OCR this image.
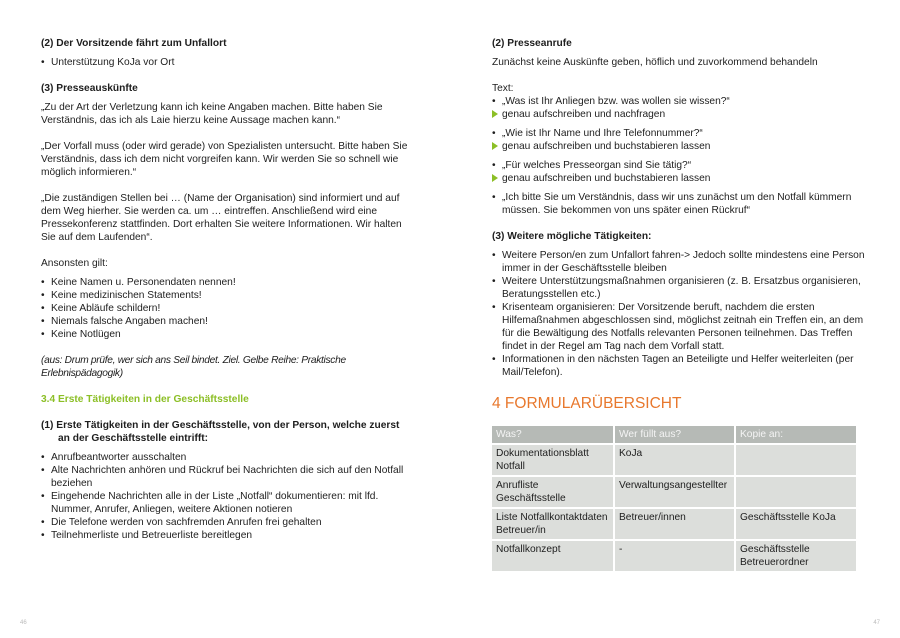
(2) Der Vorsitzende fährt zum Unfallort
• Unterstützung KoJa vor Ort
(3) Presseauskünfte

„Zu der Art der Verletzung kann ich keine Angaben machen. Bitte haben Sie Verständnis, das ich als Laie hierzu keine Aussage machen kann.“

„Der Vorfall muss (oder wird gerade) von Spezialisten untersucht. Bitte haben Sie Verständnis, dass ich dem nicht vorgreifen kann. Wir werden Sie so schnell wie möglich informieren.“

„Die zuständigen Stellen bei … (Name der Organisation) sind informiert und auf dem Weg hierher. Sie werden ca. um … eintreffen. Anschließend wird eine Pressekonferenz stattfinden. Dort erhalten Sie weitere Informationen. Wir halten Sie auf dem Laufenden“.

Ansonsten gilt:
• Keine Namen u. Personendaten nennen!
• Keine medizinischen Statements!
• Keine Abläufe schildern!
• Niemals falsche Angaben machen!
• Keine Notlügen

(aus: Drum prüfe, wer sich ans Seil bindet. Ziel. Gelbe Reihe: Praktische Erlebnispädagogik)

3.4 Erste Tätigkeiten in der Geschäftsstelle
(1) Erste Tätigkeiten in der Geschäftsstelle, von der Person, welche zuerst an der Geschäftsstelle eintrifft:
• Anrufbeantworter ausschalten
• Alte Nachrichten anhören und Rückruf bei Nachrichten die sich auf den Notfall beziehen
• Eingehende Nachrichten alle in der Liste „Notfall“ dokumentieren: mit lfd. Nummer, Anrufer, Anliegen, weitere Aktionen notieren
• Die Telefone werden von sachfremden Anrufen frei gehalten
• Teilnehmerliste und Betreuerliste bereitlegen
46
(2) Presseanrufe

Zunächst keine Auskünfte geben, höflich und zuvorkommend behandeln

Text:
• „Was ist Ihr Anliegen bzw. was wollen sie wissen?“
genau aufschreiben und nachfragen
• „Wie ist Ihr Name und Ihre Telefonnummer?“
genau aufschreiben und buchstabieren lassen
• „Für welches Presseorgan sind Sie tätig?“
genau aufschreiben und buchstabieren lassen
• „Ich bitte Sie um Verständnis, dass wir uns zunächst um den Notfall kümmern müssen. Sie bekommen von uns später einen Rückruf“
(3) Weitere mögliche Tätigkeiten:
• Weitere Person/en zum Unfallort fahren-> Jedoch sollte mindestens eine Person immer in der Geschäftsstelle bleiben
• Weitere Unterstützungsmaßnahmen organisieren (z. B. Ersatzbus organisieren, Beratungsstellen etc.)
• Krisenteam organisieren: Der Vorsitzende beruft, nachdem die ersten Hilfemaßnahmen abgeschlossen sind, möglichst zeitnah ein Treffen ein, an dem für die Bewältigung des Notfalls relevanten Personen teilnehmen. Das Treffen findet in der Regel am Tag nach dem Vorfall statt.
• Informationen in den nächsten Tagen an Beteiligte und Helfer weiterleiten (per Mail/Telefon).
4 FORMULARÜBERSICHT
Was?	Wer füllt aus?	Kopie an:
Dokumentationsblatt Notfall	KoJa	
Anrufliste Geschäftsstelle	Verwaltungsangestellter	
Liste Notfallkontaktdaten Betreuer/in	Betreuer/innen	Geschäftsstelle KoJa
Notfallkonzept	-	Geschäftsstelle Betreuerordner
47
